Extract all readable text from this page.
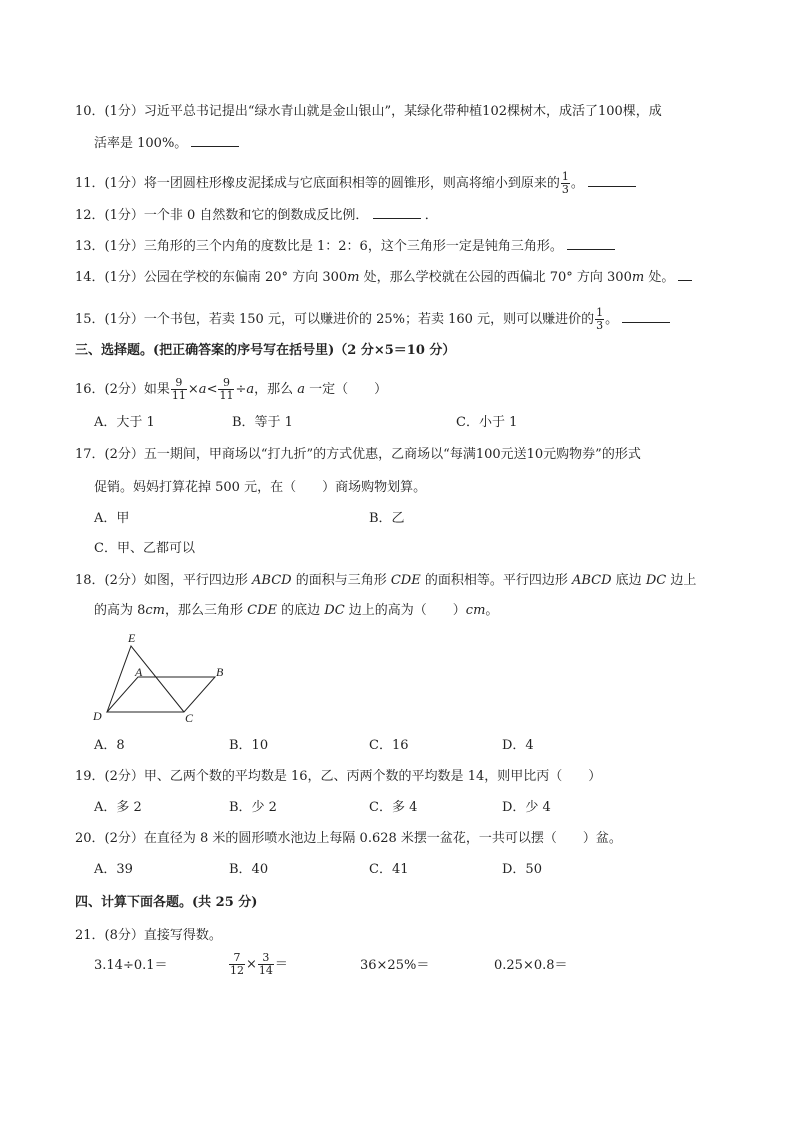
10．(1分）习近平总书记提出“绿水青山就是金山银山”，某绿化带种植102棵树木，成活了100棵，成
活率是 100%。
11．(1分）将一团圆柱形橡皮泥揉成与它底面积相等的圆锥形，则高将缩小到原来的 $\frac{1}{3}$ 。
12．(1分）一个非 0 自然数和它的倒数成反比例．	．
13．(1分）三角形的三个内角的度数比是 1：2：6，这个三角形一定是钝角三角形。
14．(1分）公园在学校的东偏南 20° 方向 300m 处，那么学校就在公园的西偏北 70° 方向 300m 处。
15．(1分）一个书包，若卖 150 元，可以赚进价的 25%；若卖 160 元，则可以赚进价的 $\frac{1}{3}$ 。
三、选择题。(把正确答案的序号写在括号里)（2 分×5＝10 分）
16．(2分）如果 $\frac{9}{11} \times a< \frac{9}{11} \div a$，那么 a 一定（　　）
A．大于 1	B．等于 1	C．小于 1
17．(2分）五一期间，甲商场以“打九折”的方式优惠，乙商场以“每满100元送10元购物券”的形式
促销。妈妈打算花掉 500 元，在（　　）商场购物划算。
A．甲	B．乙
C．甲、乙都可以
18．(2分）如图，平行四边形 ABCD 的面积与三角形 CDE 的面积相等。平行四边形 ABCD 底边 DC 边上
的高为 8cm，那么三角形 CDE 的底边 DC 边上的高为（　　）cm。
E
A	B
D	C
A．8	B．10	C．16	D．4
19．(2分）甲、乙两个数的平均数是 16，乙、丙两个数的平均数是 14，则甲比丙（　　）
A．多 2	B．少 2	C．多 4	D．少 4
20．(2分）在直径为 8 米的圆形喷水池边上每隔 0.628 米摆一盆花，一共可以摆（　　）盆。
A．39	B．40	C．41	D．50
四、计算下面各题。(共 25 分)
21．(8分）直接写得数。
3.14÷0.1＝	$\frac{7}{12} \times \frac{3}{14}$ ＝	36×25%＝	0.25×0.8＝
